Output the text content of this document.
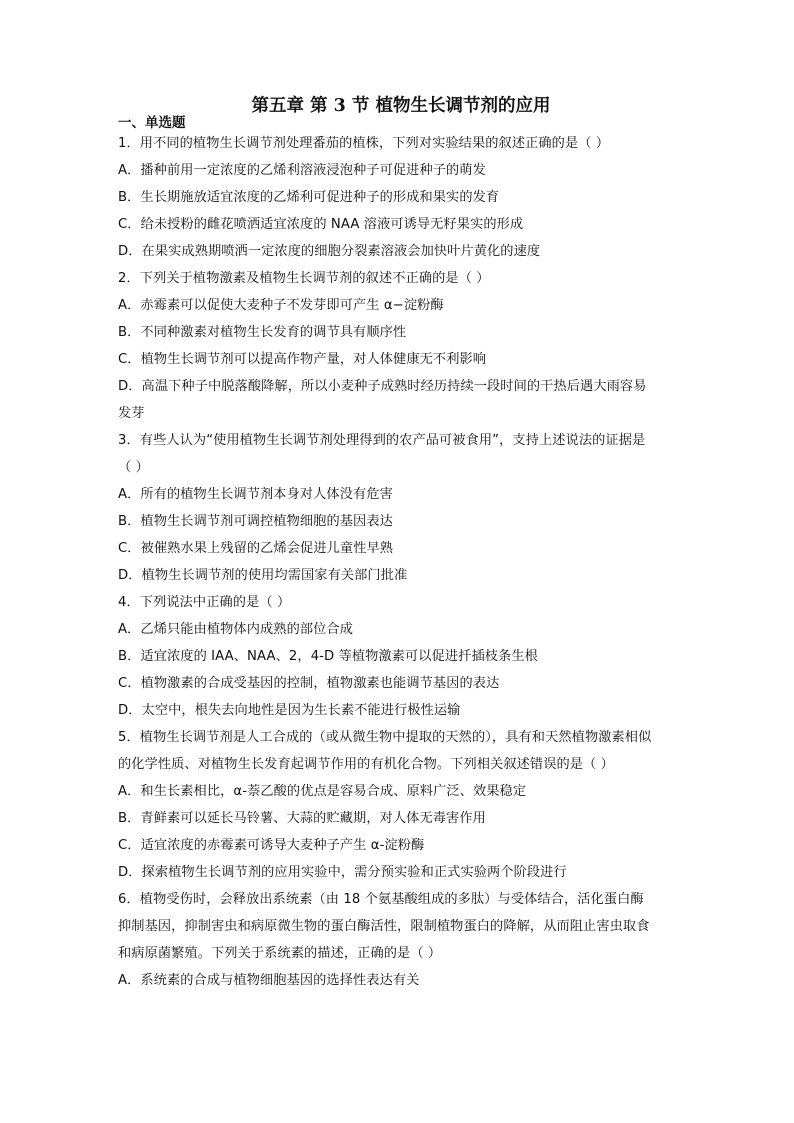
第五章 第 3 节 植物生长调节剂的应用
一、单选题
1．用不同的植物生长调节剂处理番茄的植株，下列对实验结果的叙述正确的是（ ）
A．播种前用一定浓度的乙烯利溶液浸泡种子可促进种子的萌发
B．生长期施放适宜浓度的乙烯利可促进种子的形成和果实的发育
C．给未授粉的雌花喷洒适宜浓度的 NAA 溶液可诱导无籽果实的形成
D．在果实成熟期喷洒一定浓度的细胞分裂素溶液会加快叶片黄化的速度
2．下列关于植物激素及植物生长调节剂的叙述不正确的是（ ）
A．赤霉素可以促使大麦种子不发芽即可产生 α−淀粉酶
B．不同种激素对植物生长发育的调节具有顺序性
C．植物生长调节剂可以提高作物产量，对人体健康无不利影响
D．高温下种子中脱落酸降解，所以小麦种子成熟时经历持续一段时间的干热后遇大雨容易
发芽
3．有些人认为“使用植物生长调节剂处理得到的农产品可被食用”，支持上述说法的证据是
（ ）
A．所有的植物生长调节剂本身对人体没有危害
B．植物生长调节剂可调控植物细胞的基因表达
C．被催熟水果上残留的乙烯会促进儿童性早熟
D．植物生长调节剂的使用均需国家有关部门批准
4．下列说法中正确的是（ ）
A．乙烯只能由植物体内成熟的部位合成
B．适宜浓度的 IAA、NAA、2，4-D 等植物激素可以促进扦插枝条生根
C．植物激素的合成受基因的控制，植物激素也能调节基因的表达
D．太空中，根失去向地性是因为生长素不能进行极性运输
5．植物生长调节剂是人工合成的（或从微生物中提取的天然的），具有和天然植物激素相似
的化学性质、对植物生长发育起调节作用的有机化合物。下列相关叙述错误的是（ ）
A．和生长素相比，α-萘乙酸的优点是容易合成、原料广泛、效果稳定
B．青鲜素可以延长马铃薯、大蒜的贮藏期，对人体无毒害作用
C．适宜浓度的赤霉素可诱导大麦种子产生 α-淀粉酶
D．探索植物生长调节剂的应用实验中，需分预实验和正式实验两个阶段进行
6．植物受伤时，会释放出系统素（由 18 个氨基酸组成的多肽）与受体结合，活化蛋白酶
抑制基因，抑制害虫和病原微生物的蛋白酶活性，限制植物蛋白的降解，从而阻止害虫取食
和病原菌繁殖。下列关于系统素的描述，正确的是（ ）
A．系统素的合成与植物细胞基因的选择性表达有关
